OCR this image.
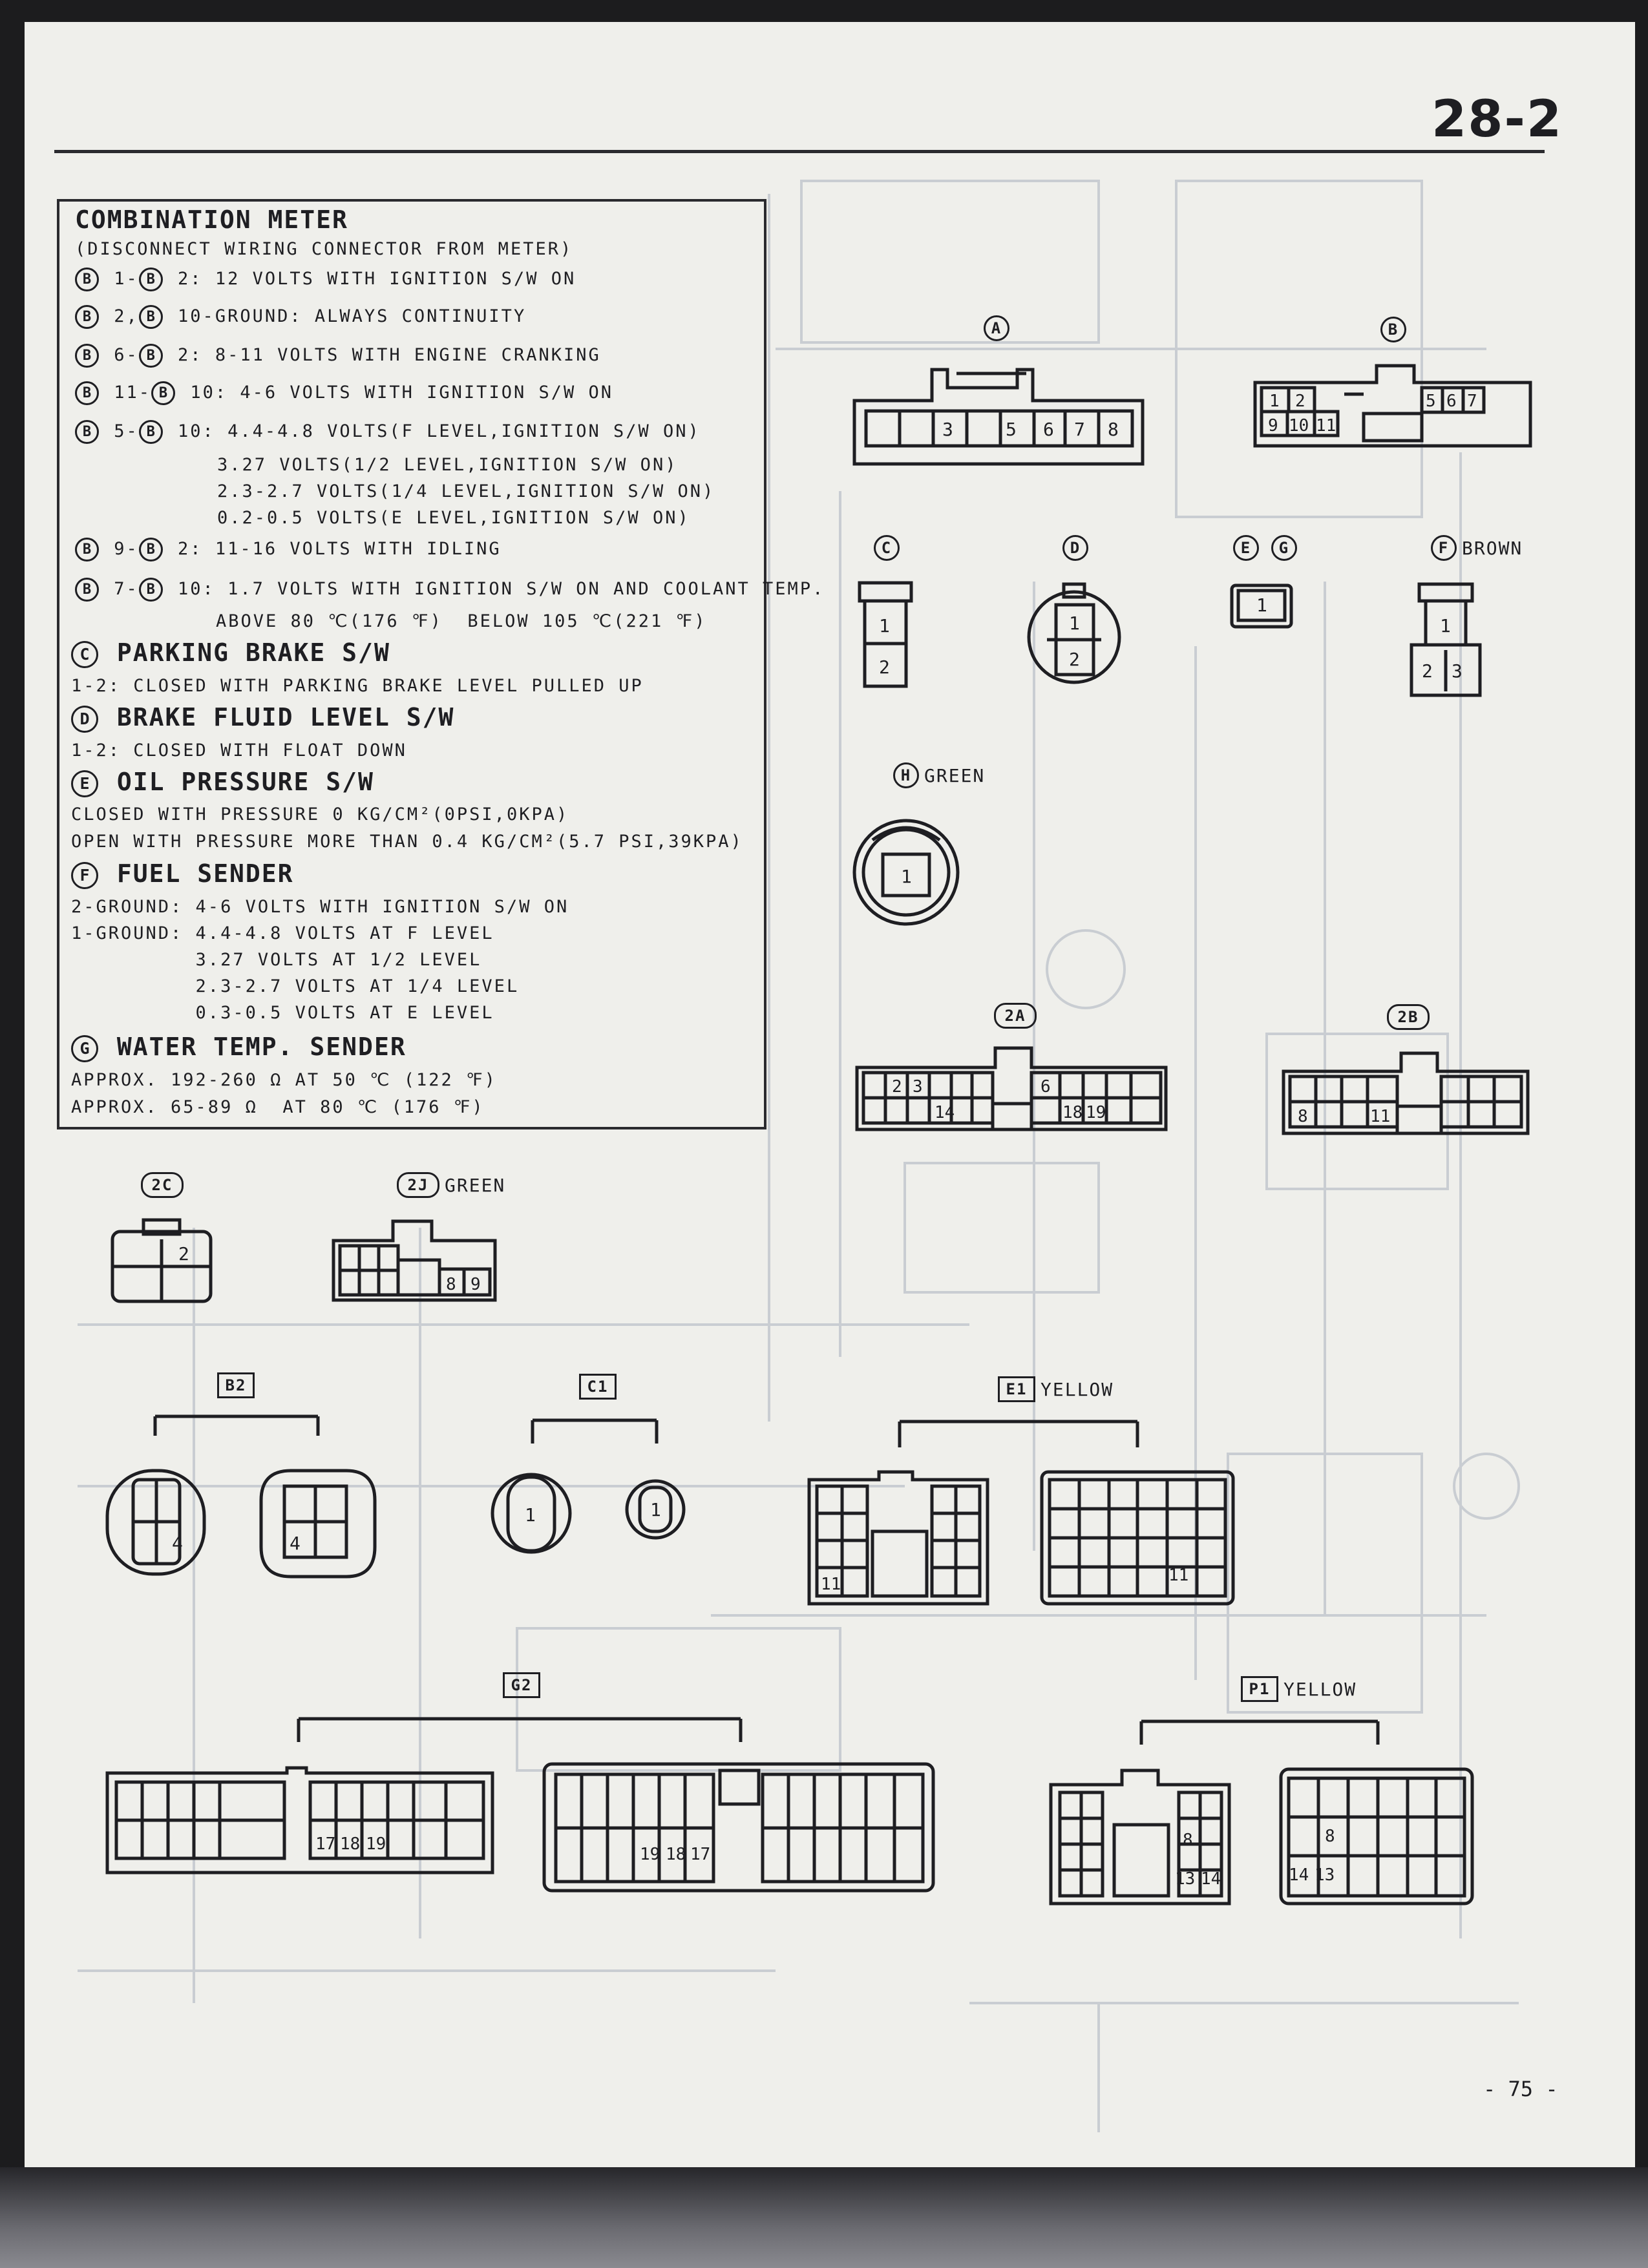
28-2
COMBINATION METER
(DISCONNECT WIRING CONNECTOR FROM METER)
B 1- B 2: 12 VOLTS WITH IGNITION S/W ON
B 2, B 10-GROUND: ALWAYS CONTINUITY
B 6- B 2: 8-11 VOLTS WITH ENGINE CRANKING
B 11- B 10: 4-6 VOLTS WITH IGNITION S/W ON
B 5- B 10: 4.4-4.8 VOLTS(F LEVEL,IGNITION S/W ON)
3.27 VOLTS(1/2 LEVEL,IGNITION S/W ON)
2.3-2.7 VOLTS(1/4 LEVEL,IGNITION S/W ON)
0.2-0.5 VOLTS(E LEVEL,IGNITION S/W ON)
B 9- B 2: 11-16 VOLTS WITH IDLING
B 7- B 10: 1.7 VOLTS WITH IGNITION S/W ON AND COOLANT TEMP.
ABOVE 80 ℃(176 ℉)  BELOW 105 ℃(221 ℉)
C PARKING BRAKE S/W
1-2: CLOSED WITH PARKING BRAKE LEVEL PULLED UP
D BRAKE FLUID LEVEL S/W
1-2: CLOSED WITH FLOAT DOWN
E OIL PRESSURE S/W
CLOSED WITH PRESSURE 0 KG/CM²(0PSI,0KPA)
OPEN WITH PRESSURE MORE THAN 0.4 KG/CM²(5.7 PSI,39KPA)
F FUEL SENDER
2-GROUND: 4-6 VOLTS WITH IGNITION S/W ON
1-GROUND: 4.4-4.8 VOLTS AT F LEVEL
3.27 VOLTS AT 1/2 LEVEL
2.3-2.7 VOLTS AT 1/4 LEVEL
0.3-0.5 VOLTS AT E LEVEL
G WATER TEMP. SENDER
APPROX. 192-260 Ω AT 50 ℃ (122 ℉)
APPROX. 65-89 Ω  AT 80 ℃ (176 ℉)
3	5 6 7 8
1 2	5 6 7
9 10 11
1
2
1
2
1
1
2 3
1
2 3
14
6
18 19	8	11
2
8 9
4	4
1	1
11	11
17 18 19
19 18 17
8
13 14
8
14 13
A	B
C	D	E G	F BROWN
H GREEN
2A	2B
2C	2J GREEN
B2	C1	E1 YELLOW
G2	P1 YELLOW
- 75 -
